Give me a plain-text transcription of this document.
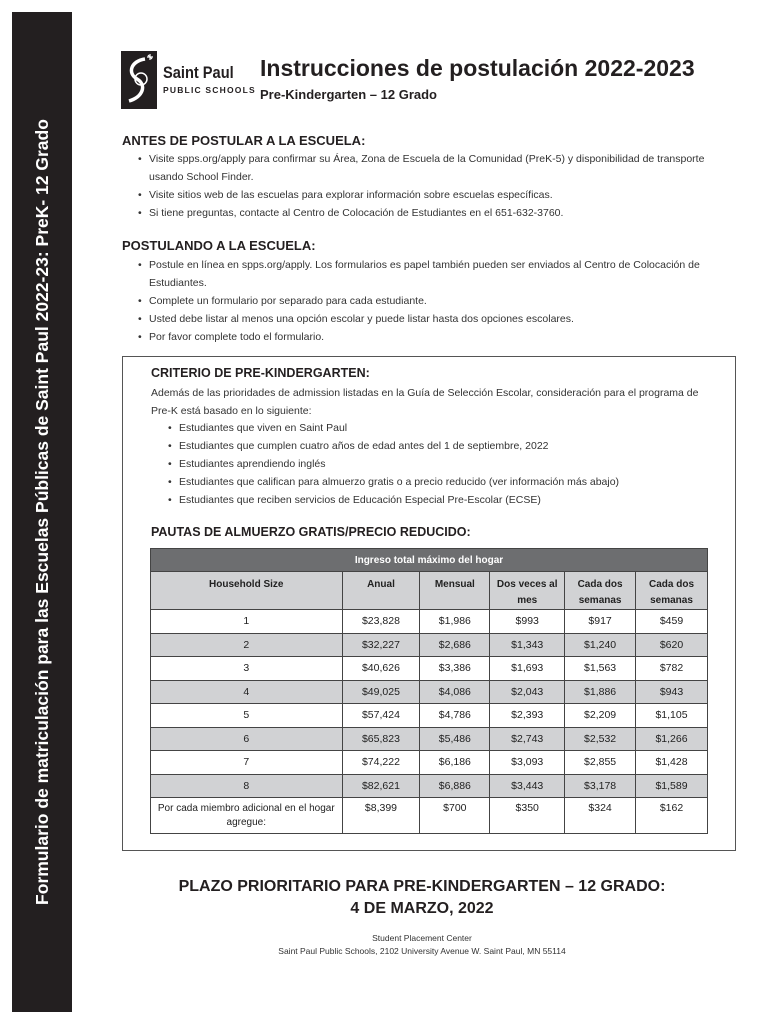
Formulario de matriculación para las Escuelas Públicas de Saint Paul 2022-23: PreK- 12 Grado
Saint Paul
PUBLIC SCHOOLS
Instrucciones de postulación 2022-2023
Pre-Kindergarten – 12 Grado
ANTES DE POSTULAR A LA ESCUELA:
• Visite spps.org/apply para confirmar su Área, Zona de Escuela de la Comunidad (PreK-5) y disponibilidad de transporte usando School Finder.
• Visite sitios web de las escuelas para explorar información sobre escuelas específicas.
• Si tiene preguntas, contacte al Centro de Colocación de Estudiantes en el 651-632-3760.
POSTULANDO A LA ESCUELA:
• Postule en línea en spps.org/apply. Los formularios es papel también pueden ser enviados al Centro de Colocación de Estudiantes.
• Complete un formulario por separado para cada estudiante.
• Usted debe listar al menos una opción escolar y puede listar hasta dos opciones escolares.
• Por favor complete todo el formulario.
CRITERIO DE PRE-KINDERGARTEN:
Además de las prioridades de admission listadas en la Guía de Selección Escolar, consideración para el programa de Pre-K está basado en lo siguiente:
• Estudiantes que viven en Saint Paul
• Estudiantes que cumplen cuatro años de edad antes del 1 de septiembre, 2022
• Estudiantes aprendiendo inglés
• Estudiantes que califican para almuerzo gratis o a precio reducido (ver información más abajo)
• Estudiantes que reciben servicios de Educación Especial Pre-Escolar (ECSE)
PAUTAS DE ALMUERZO GRATIS/PRECIO REDUCIDO:
Ingreso total máximo del hogar					
Household Size	Anual	Mensual	Dos veces al mes	Cada dos semanas	Cada dos semanas
1	$23,828	$1,986	$993	$917	$459
2	$32,227	$2,686	$1,343	$1,240	$620
3	$40,626	$3,386	$1,693	$1,563	$782
4	$49,025	$4,086	$2,043	$1,886	$943
5	$57,424	$4,786	$2,393	$2,209	$1,105
6	$65,823	$5,486	$2,743	$2,532	$1,266
7	$74,222	$6,186	$3,093	$2,855	$1,428
8	$82,621	$6,886	$3,443	$3,178	$1,589
Por cada miembro adicional en el hogar agregue:	$8,399	$700	$350	$324	$162
PLAZO PRIORITARIO PARA PRE-KINDERGARTEN – 12 GRADO:
4 DE MARZO, 2022
Student Placement Center
Saint Paul Public Schools, 2102 University Avenue W. Saint Paul, MN 55114
